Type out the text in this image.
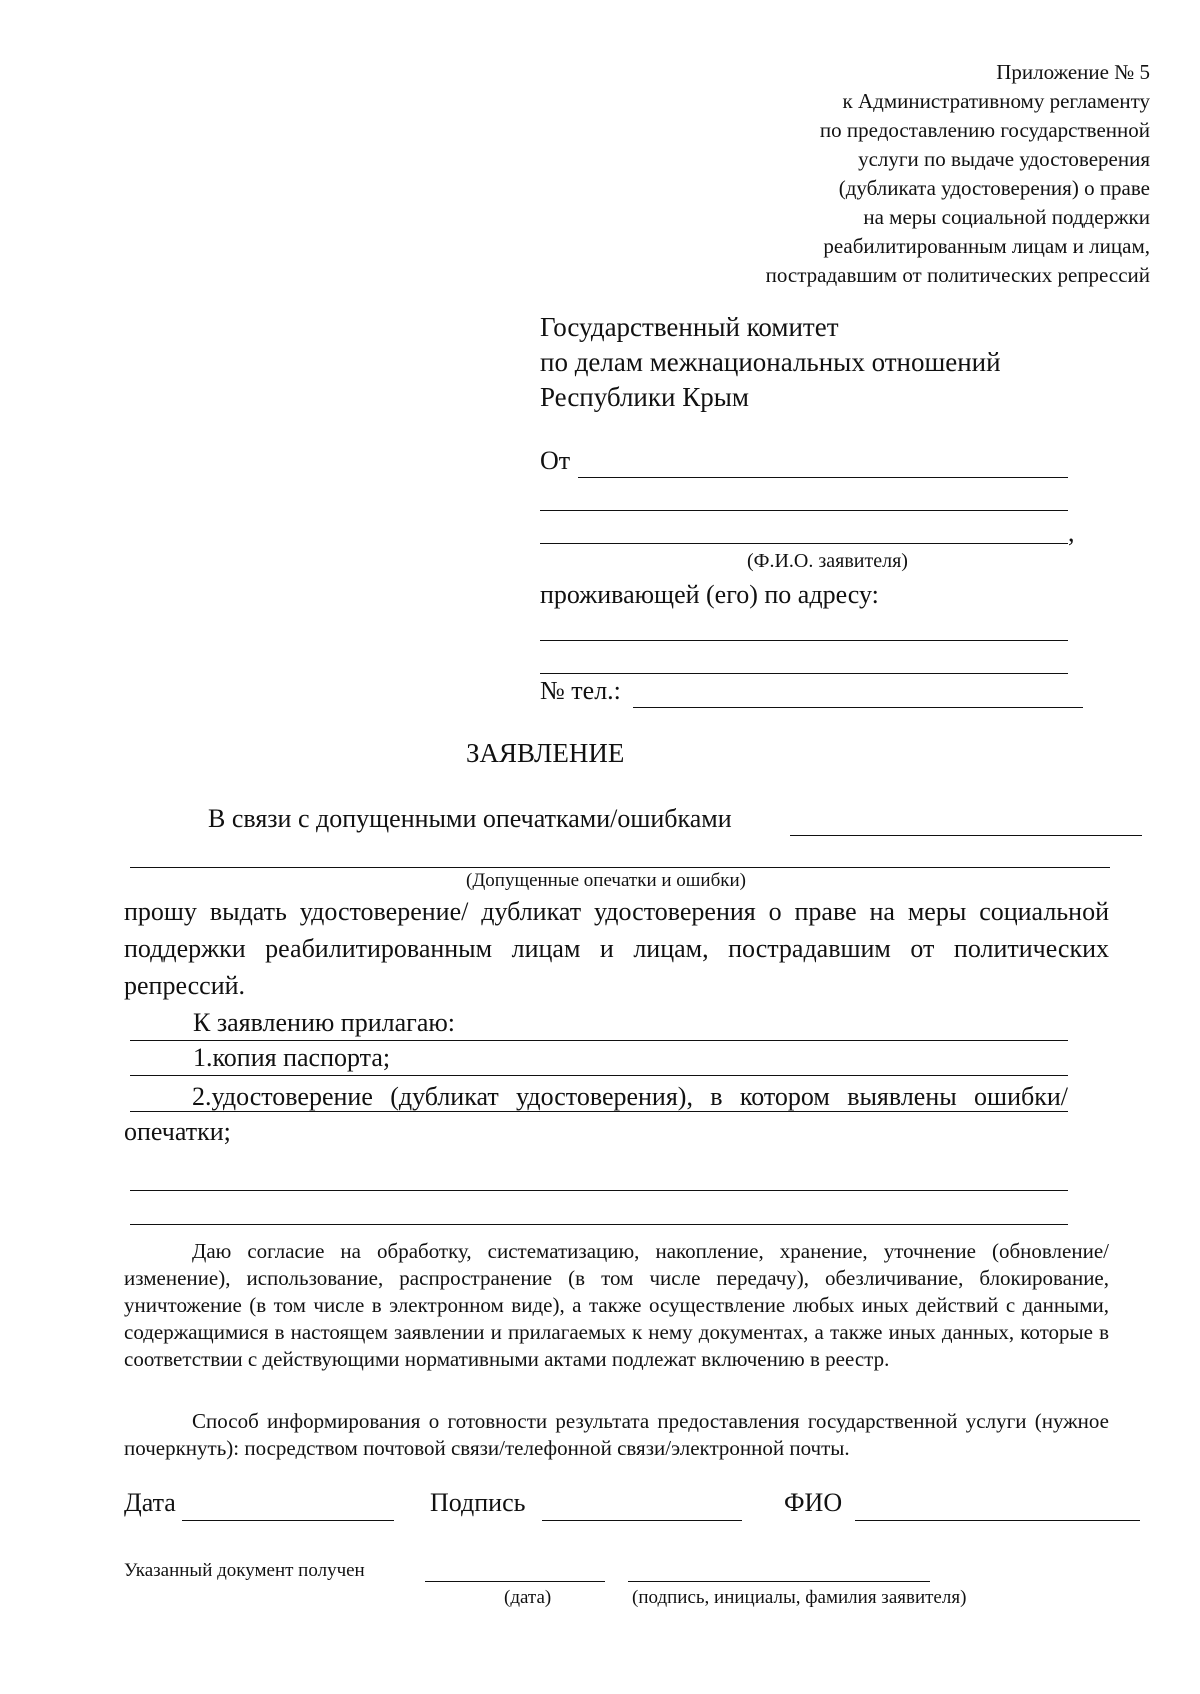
Приложение № 5
к Административному регламенту
по предоставлению государственной
услуги по выдаче удостоверения
(дубликата удостоверения) о праве
на меры социальной поддержки
реабилитированным лицам и лицам,
пострадавшим от политических репрессий
Государственный комитет
по делам межнациональных отношений
Республики Крым
От
,
(Ф.И.О. заявителя)
проживающей (его) по адресу:
№ тел.:
ЗАЯВЛЕНИЕ
В связи с допущенными опечатками/ошибками
(Допущенные опечатки и ошибки)
прошу выдать удостоверение/ дубликат удостоверения о праве на меры социальной поддержки реабилитированным лицам и лицам, пострадавшим от политических репрессий.
К заявлению прилагаю:
1.копия паспорта;
2.удостоверение (дубликат удостоверения), в котором выявлены ошибки/опечатки;
Даю согласие на обработку, систематизацию, накопление, хранение, уточнение (обновление/изменение), использование, распространение (в том числе передачу), обезличивание, блокирование, уничтожение (в том числе в электронном виде), а также осуществление любых иных действий с данными, содержащимися в настоящем заявлении и прилагаемых к нему документах, а также иных данных, которые в соответствии с действующими нормативными актами подлежат включению в реестр.
Способ информирования о готовности результата предоставления государственной услуги (нужное почеркнуть): посредством почтовой связи/телефонной связи/электронной почты.
Дата	Подпись	ФИО
Указанный документ получен
(дата)	(подпись, инициалы, фамилия заявителя)
